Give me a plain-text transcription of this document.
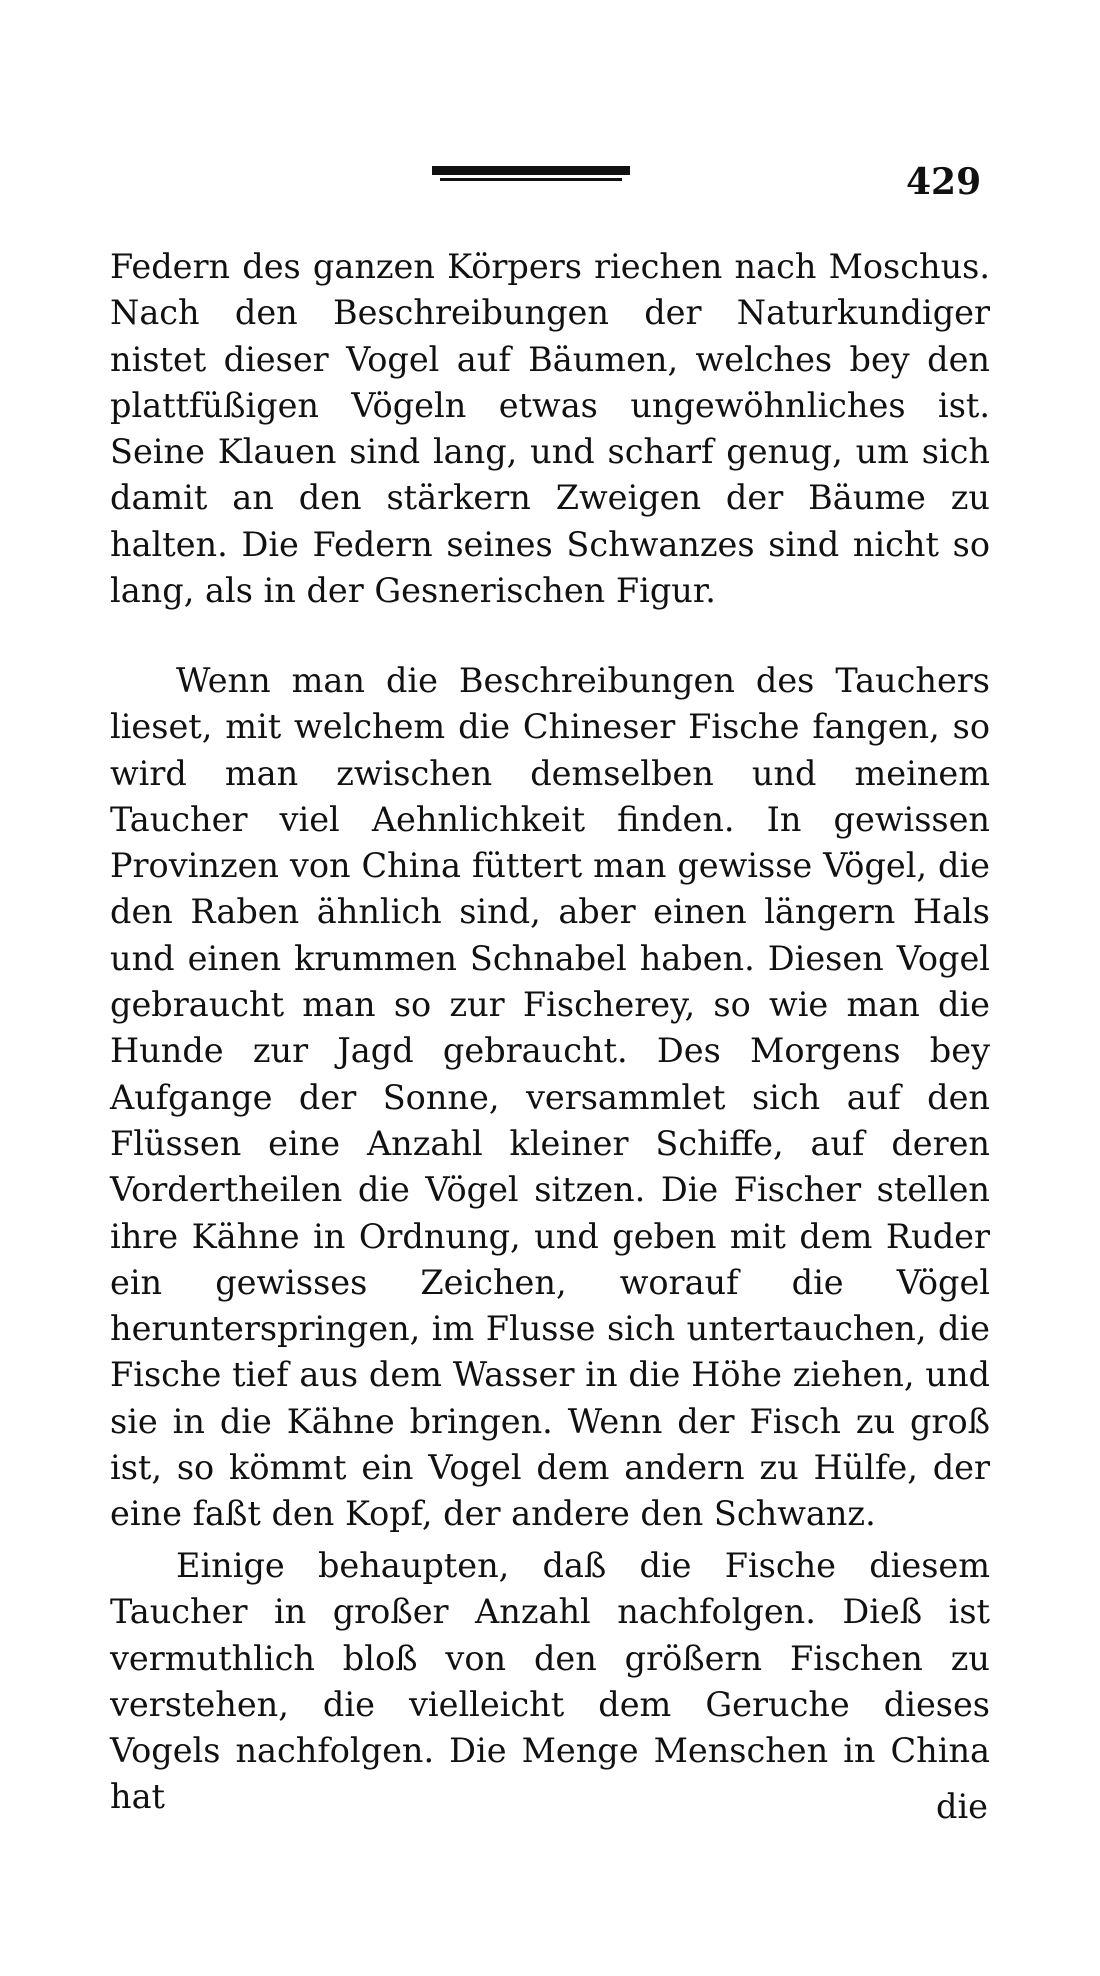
429

Federn des ganzen Körpers riechen nach Moschus. Nach den Beschreibungen der Naturkundiger nistet dieser Vogel auf Bäumen, welches bey den plattfüßigen Vögeln etwas ungewöhnliches ist. Seine Klauen sind lang, und scharf genug, um sich damit an den stärkern Zweigen der Bäume zu halten. Die Federn seines Schwanzes sind nicht so lang, als in der Gesnerischen Figur.

Wenn man die Beschreibungen des Tauchers lieset, mit welchem die Chineser Fische fangen, so wird man zwischen demselben und meinem Taucher viel Aehnlichkeit finden. In gewissen Provinzen von China füttert man gewisse Vögel, die den Raben ähnlich sind, aber einen längern Hals und einen krummen Schnabel haben. Diesen Vogel gebraucht man so zur Fischerey, so wie man die Hunde zur Jagd gebraucht. Des Morgens bey Aufgange der Sonne, versammlet sich auf den Flüssen eine Anzahl kleiner Schiffe, auf deren Vordertheilen die Vögel sitzen. Die Fischer stellen ihre Kähne in Ordnung, und geben mit dem Ruder ein gewisses Zeichen, worauf die Vögel herunterspringen, im Flusse sich untertauchen, die Fische tief aus dem Wasser in die Höhe ziehen, und sie in die Kähne bringen. Wenn der Fisch zu groß ist, so kömmt ein Vogel dem andern zu Hülfe, der eine faßt den Kopf, der andere den Schwanz.

Einige behaupten, daß die Fische diesem Taucher in großer Anzahl nachfolgen. Dieß ist vermuthlich bloß von den größern Fischen zu verstehen, die vielleicht dem Geruche dieses Vogels nachfolgen. Die Menge Menschen in China hat	die
